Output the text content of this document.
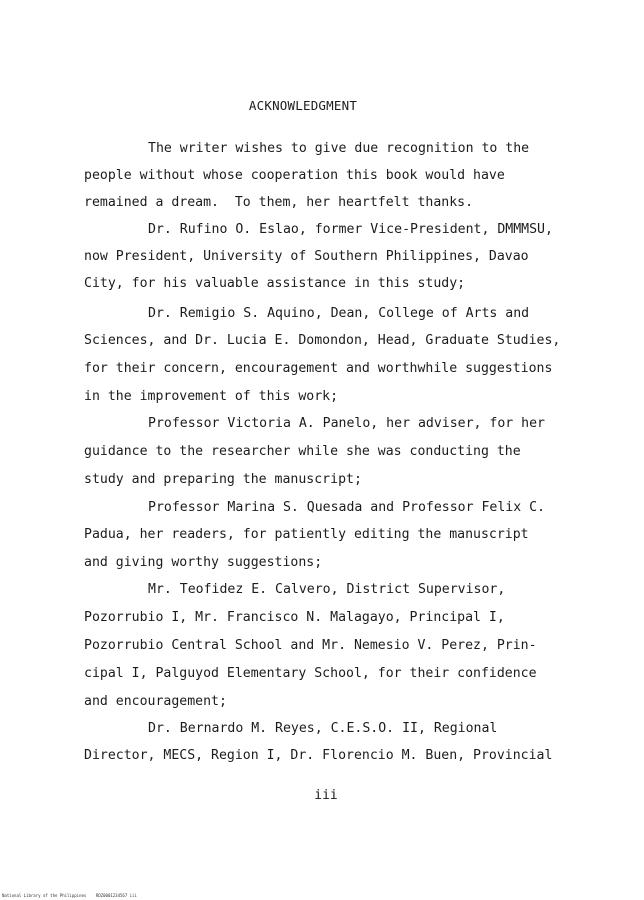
ACKNOWLEDGMENT
The writer wishes to give due recognition to the
people without whose cooperation this book would have
remained a dream.  To them, her heartfelt thanks.
Dr. Rufino O. Eslao, former Vice-President, DMMMSU,
now President, University of Southern Philippines, Davao
City, for his valuable assistance in this study;
Dr. Remigio S. Aquino, Dean, College of Arts and
Sciences, and Dr. Lucia E. Domondon, Head, Graduate Studies,
for their concern, encouragement and worthwhile suggestions
in the improvement of this work;
Professor Victoria A. Panelo, her adviser, for her
guidance to the researcher while she was conducting the
study and preparing the manuscript;
Professor Marina S. Quesada and Professor Felix C.
Padua, her readers, for patiently editing the manuscript
and giving worthy suggestions;
Mr. Teofidez E. Calvero, District Supervisor,
Pozorrubio I, Mr. Francisco N. Malagayo, Principal I,
Pozorrubio Central School and Mr. Nemesio V. Perez, Prin-
cipal I, Palguyod Elementary School, for their confidence
and encouragement;
Dr. Bernardo M. Reyes, C.E.S.O. II, Regional
Director, MECS, Region I, Dr. Florencio M. Buen, Provincial
iii
National Library of the Philippines    RDZ0001234567 iii
